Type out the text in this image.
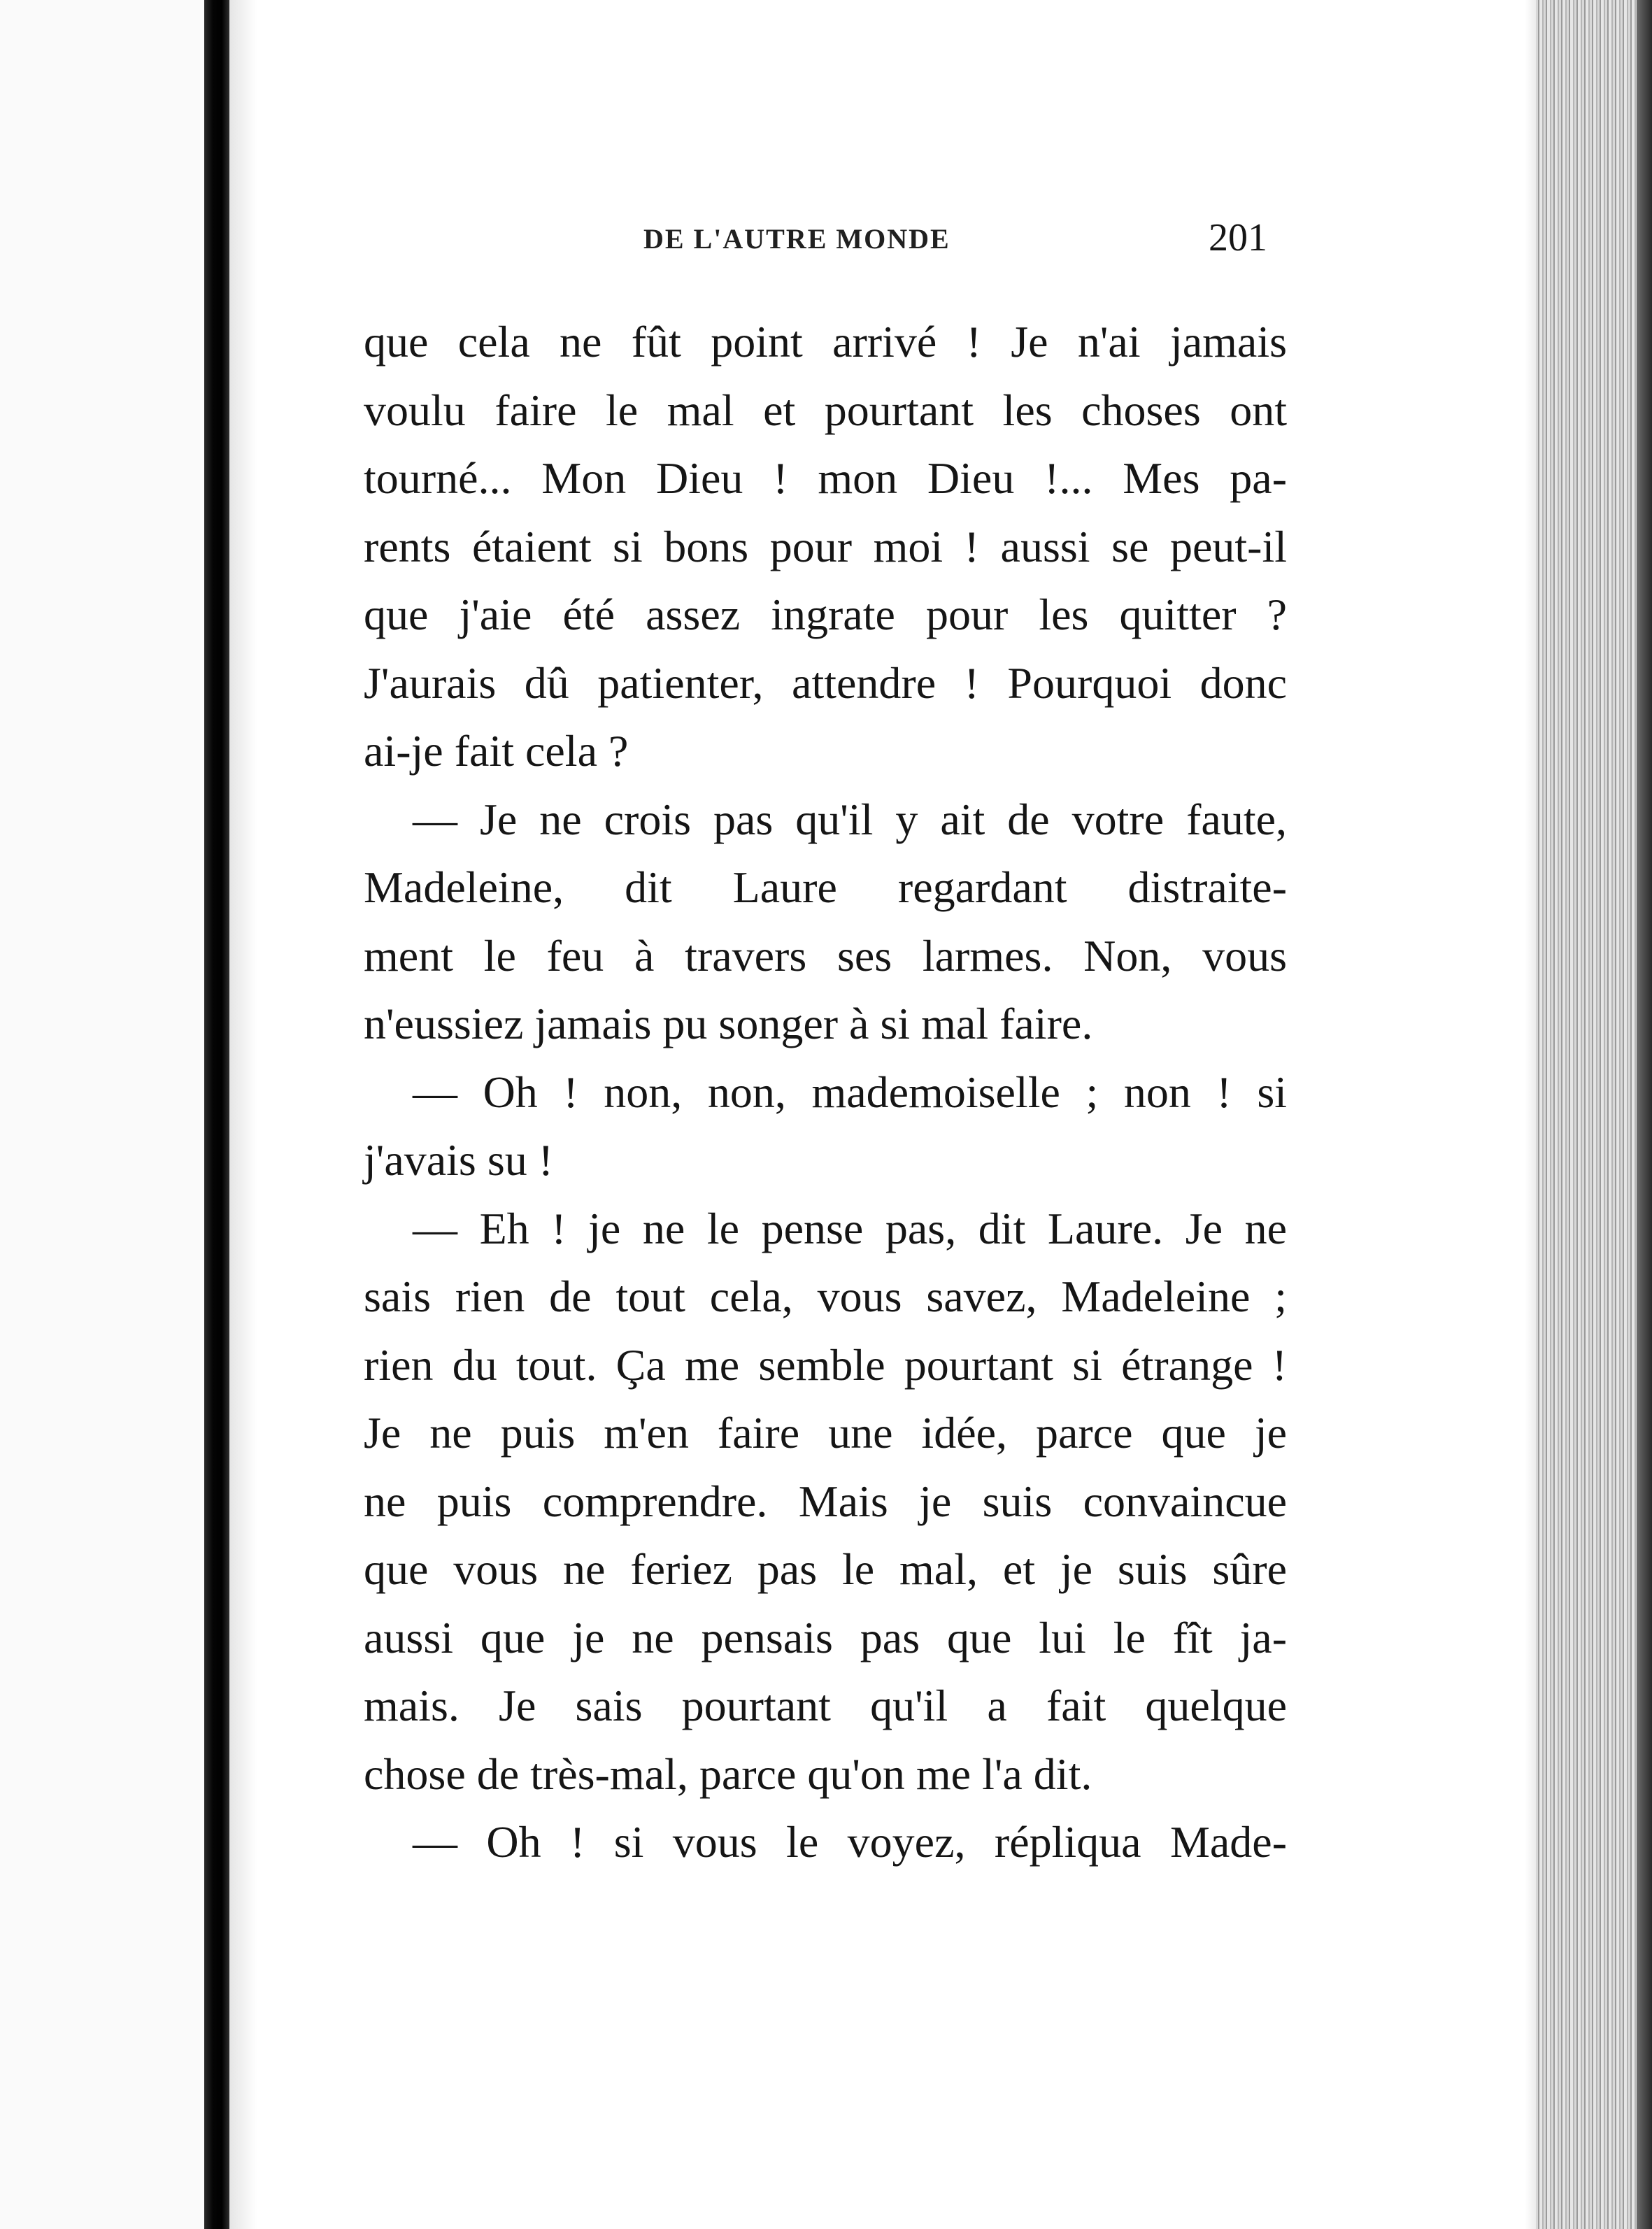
DE L'AUTRE MONDE	201
que cela ne fût point arrivé ! Je n'ai jamais
voulu faire le mal et pourtant les choses ont
tourné... Mon Dieu ! mon Dieu !... Mes pa-
rents étaient si bons pour moi ! aussi se peut-il
que j'aie été assez ingrate pour les quitter ?
J'aurais dû patienter, attendre ! Pourquoi donc
ai-je fait cela ?
— Je ne crois pas qu'il y ait de votre faute,
Madeleine, dit Laure regardant distraite-
ment le feu à travers ses larmes. Non, vous
n'eussiez jamais pu songer à si mal faire.
— Oh ! non, non, mademoiselle ; non ! si
j'avais su !
— Eh ! je ne le pense pas, dit Laure. Je ne
sais rien de tout cela, vous savez, Madeleine ;
rien du tout. Ça me semble pourtant si étrange !
Je ne puis m'en faire une idée, parce que je
ne puis comprendre. Mais je suis convaincue
que vous ne feriez pas le mal, et je suis sûre
aussi que je ne pensais pas que lui le fît ja-
mais. Je sais pourtant qu'il a fait quelque
chose de très-mal, parce qu'on me l'a dit.
— Oh ! si vous le voyez, répliqua Made-
